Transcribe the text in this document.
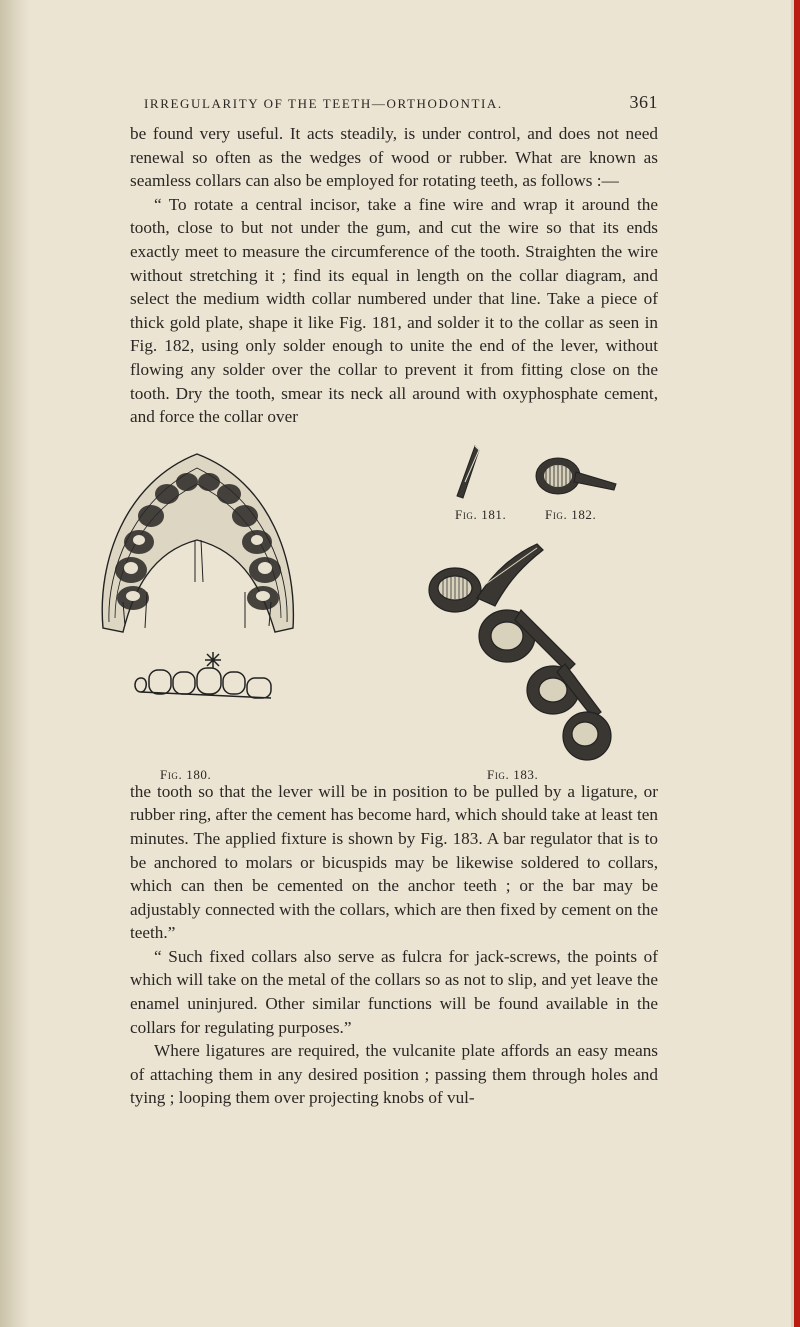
IRREGULARITY OF THE TEETH—ORTHODONTIA.	361

be found very useful. It acts steadily, is under control, and does not need renewal so often as the wedges of wood or rubber. What are known as seamless collars can also be employed for rotating teeth, as follows :—

“ To rotate a central incisor, take a fine wire and wrap it around the tooth, close to but not under the gum, and cut the wire so that its ends exactly meet to measure the circumference of the tooth. Straighten the wire without stretching it ; find its equal in length on the collar diagram, and select the medium width collar numbered under that line. Take a piece of thick gold plate, shape it like Fig. 181, and solder it to the collar as seen in Fig. 182, using only solder enough to unite the end of the lever, without flowing any solder over the collar to prevent it from fitting close on the tooth. Dry the tooth, smear its neck all around with oxyphosphate cement, and force the collar over

Fig. 180.
Fig. 181.	Fig. 182.
Fig. 183.

the tooth so that the lever will be in position to be pulled by a ligature, or rubber ring, after the cement has become hard, which should take at least ten minutes. The applied fixture is shown by Fig. 183. A bar regulator that is to be anchored to molars or bicuspids may be likewise soldered to collars, which can then be cemented on the anchor teeth ; or the bar may be adjustably connected with the collars, which are then fixed by cement on the teeth.”

“ Such fixed collars also serve as fulcra for jack-screws, the points of which will take on the metal of the collars so as not to slip, and yet leave the enamel uninjured. Other similar functions will be found available in the collars for regulating purposes.”

Where ligatures are required, the vulcanite plate affords an easy means of attaching them in any desired position ; passing them through holes and tying ; looping them over projecting knobs of vul-
